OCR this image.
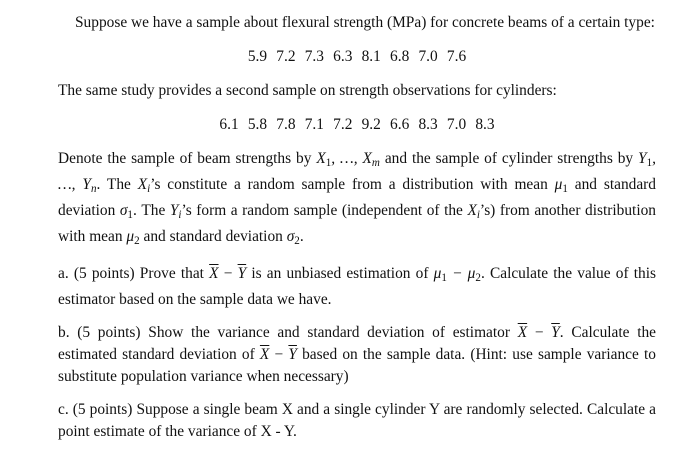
Suppose we have a sample about flexural strength (MPa) for concrete beams of a certain type:

5.9 7.2 7.3 6.3 8.1 6.8 7.0 7.6

The same study provides a second sample on strength observations for cylinders:

6.1 5.8 7.8 7.1 7.2 9.2 6.6 8.3 7.0 8.3

Denote the sample of beam strengths by $X_1$, …, $X_m$ and the sample of cylinder strengths by $Y_1$, …, $Y_n$. The $X_i’s$ constitute a random sample from a distribution with mean $\mu_1$ and standard deviation $\sigma_1$. The $Y_i’s$ form a random sample (independent of the $X_i’s$) from another distribution with mean $\mu_2$ and standard deviation $\sigma_2$.

a. (5 points) Prove that $\overline{X} - \overline{Y}$ is an unbiased estimation of $\mu_1 - \mu_2$. Calculate the value of this estimator based on the sample data we have.

b. (5 points) Show the variance and standard deviation of estimator $\overline{X} - \overline{Y}$. Calculate the estimated standard deviation of $\overline{X} - \overline{Y}$ based on the sample data. (Hint: use sample variance to substitute population variance when necessary)

c. (5 points) Suppose a single beam X and a single cylinder Y are randomly selected. Calculate a point estimate of the variance of X - Y.
